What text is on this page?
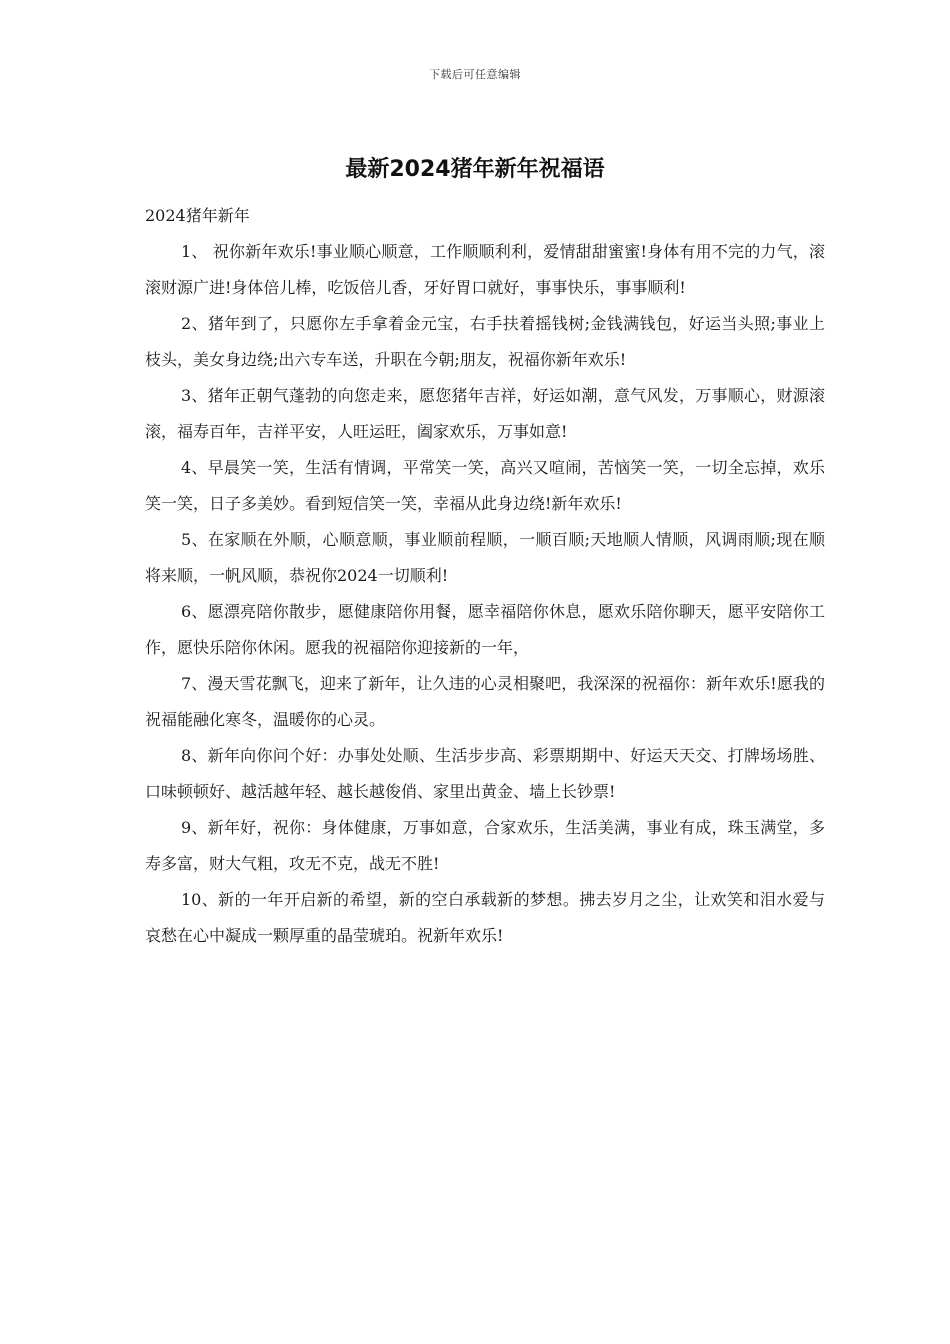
下载后可任意编辑
最新2024猪年新年祝福语

2024猪年新年

1、 祝你新年欢乐!事业顺心顺意，工作顺顺利利，爱情甜甜蜜蜜!身体有用不完的力气，滚滚财源广进!身体倍儿棒，吃饭倍儿香，牙好胃口就好，事事快乐，事事顺利!

2、猪年到了，只愿你左手拿着金元宝，右手扶着摇钱树;金钱满钱包，好运当头照;事业上枝头，美女身边绕;出六专车送，升职在今朝;朋友，祝福你新年欢乐!

3、猪年正朝气蓬勃的向您走来，愿您猪年吉祥，好运如潮，意气风发，万事顺心，财源滚滚，福寿百年，吉祥平安，人旺运旺，阖家欢乐，万事如意!

4、早晨笑一笑，生活有情调，平常笑一笑，高兴又喧闹，苦恼笑一笑，一切全忘掉，欢乐笑一笑，日子多美妙。看到短信笑一笑，幸福从此身边绕!新年欢乐!

5、在家顺在外顺，心顺意顺，事业顺前程顺，一顺百顺;天地顺人情顺，风调雨顺;现在顺将来顺，一帆风顺，恭祝你2024一切顺利!

6、愿漂亮陪你散步，愿健康陪你用餐，愿幸福陪你休息，愿欢乐陪你聊天，愿平安陪你工作，愿快乐陪你休闲。愿我的祝福陪你迎接新的一年，

7、漫天雪花飘飞，迎来了新年，让久违的心灵相聚吧，我深深的祝福你：新年欢乐!愿我的祝福能融化寒冬，温暖你的心灵。

8、新年向你问个好：办事处处顺、生活步步高、彩票期期中、好运天天交、打牌场场胜、口味顿顿好、越活越年轻、越长越俊俏、家里出黄金、墙上长钞票!

9、新年好，祝你：身体健康，万事如意，合家欢乐，生活美满，事业有成，珠玉满堂，多寿多富，财大气粗，攻无不克，战无不胜!

10、新的一年开启新的希望，新的空白承载新的梦想。拂去岁月之尘，让欢笑和泪水爱与哀愁在心中凝成一颗厚重的晶莹琥珀。祝新年欢乐!
